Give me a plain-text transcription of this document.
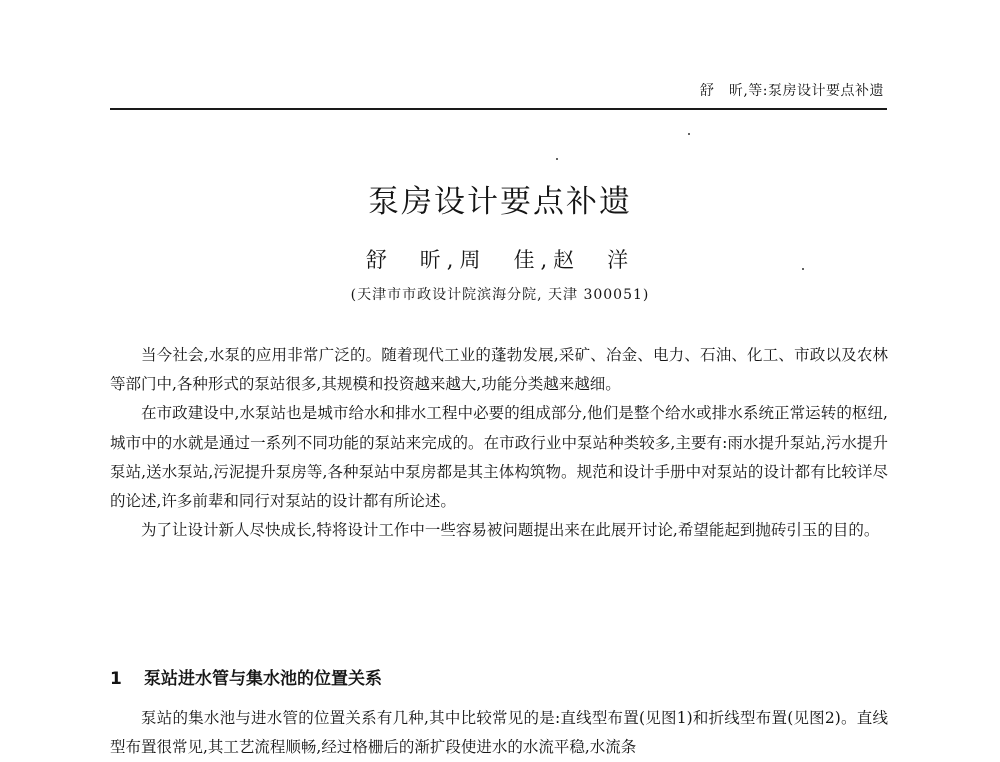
舒　昕,等:泵房设计要点补遗
泵房设计要点补遗
舒　昕,周　佳,赵　洋
(天津市市政设计院滨海分院, 天津 300051)

当今社会,水泵的应用非常广泛的。随着现代工业的蓬勃发展,采矿、冶金、电力、石油、化工、市政以及农林等部门中,各种形式的泵站很多,其规模和投资越来越大,功能分类越来越细。

在市政建设中,水泵站也是城市给水和排水工程中必要的组成部分,他们是整个给水或排水系统正常运转的枢纽,城市中的水就是通过一系列不同功能的泵站来完成的。在市政行业中泵站种类较多,主要有:雨水提升泵站,污水提升泵站,送水泵站,污泥提升泵房等,各种泵站中泵房都是其主体构筑物。规范和设计手册中对泵站的设计都有比较详尽的论述,许多前辈和同行对泵站的设计都有所论述。

为了让设计新人尽快成长,特将设计工作中一些容易被问题提出来在此展开讨论,希望能起到抛砖引玉的目的。

1 泵站进水管与集水池的位置关系

泵站的集水池与进水管的位置关系有几种,其中比较常见的是:直线型布置(见图1)和折线型布置(见图2)。直线型布置很常见,其工艺流程顺畅,经过格栅后的渐扩段使进水的水流平稳,水流条
